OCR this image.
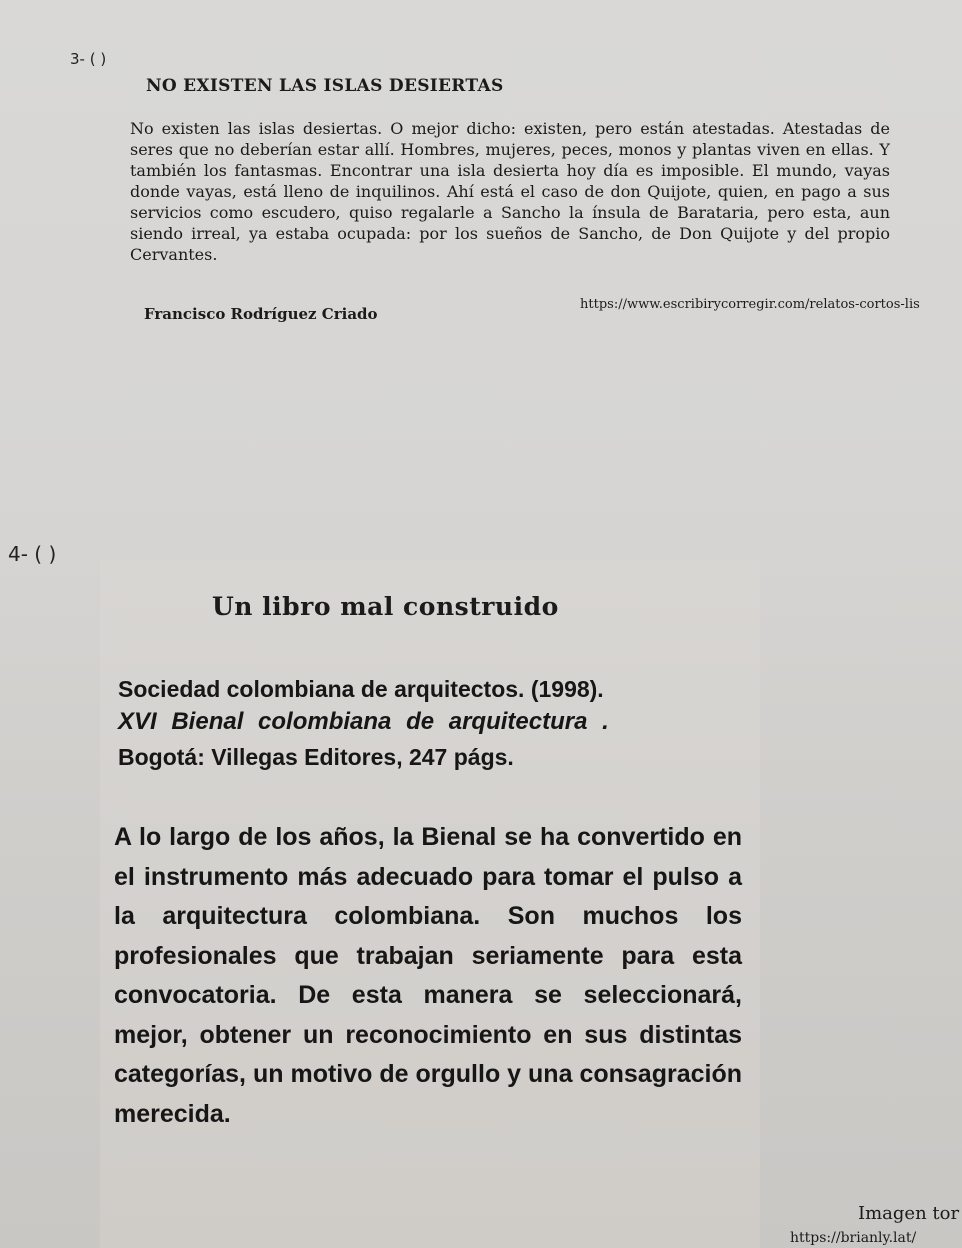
3- ( )
NO EXISTEN LAS ISLAS DESIERTAS

No existen las islas desiertas. O mejor dicho: existen, pero están atestadas. Atestadas de seres que no deberían estar allí. Hombres, mujeres, peces, monos y plantas viven en ellas. Y también los fantasmas. Encontrar una isla desierta hoy día es imposible. El mundo, vayas donde vayas, está lleno de inquilinos. Ahí está el caso de don Quijote, quien, en pago a sus servicios como escudero, quiso regalarle a Sancho la ínsula de Barataria, pero esta, aun siendo irreal, ya estaba ocupada: por los sueños de Sancho, de Don Quijote y del propio Cervantes.

Francisco Rodríguez Criado
https://www.escribirycorregir.com/relatos-cortos-lis
4- ( )
Un libro mal construido
Sociedad colombiana de arquitectos. (1998).
XVI Bienal colombiana de arquitectura .
Bogotá: Villegas Editores, 247 págs.

A lo largo de los años, la Bienal se ha convertido en el instrumento más adecuado para tomar el pulso a la arquitectura colombiana. Son muchos los profesionales que trabajan seriamente para esta convocatoria. De esta manera se seleccionará, mejor, obtener un reconocimiento en sus distintas categorías, un motivo de orgullo y una consagración merecida.

Imagen tor
https://brianly.lat/
